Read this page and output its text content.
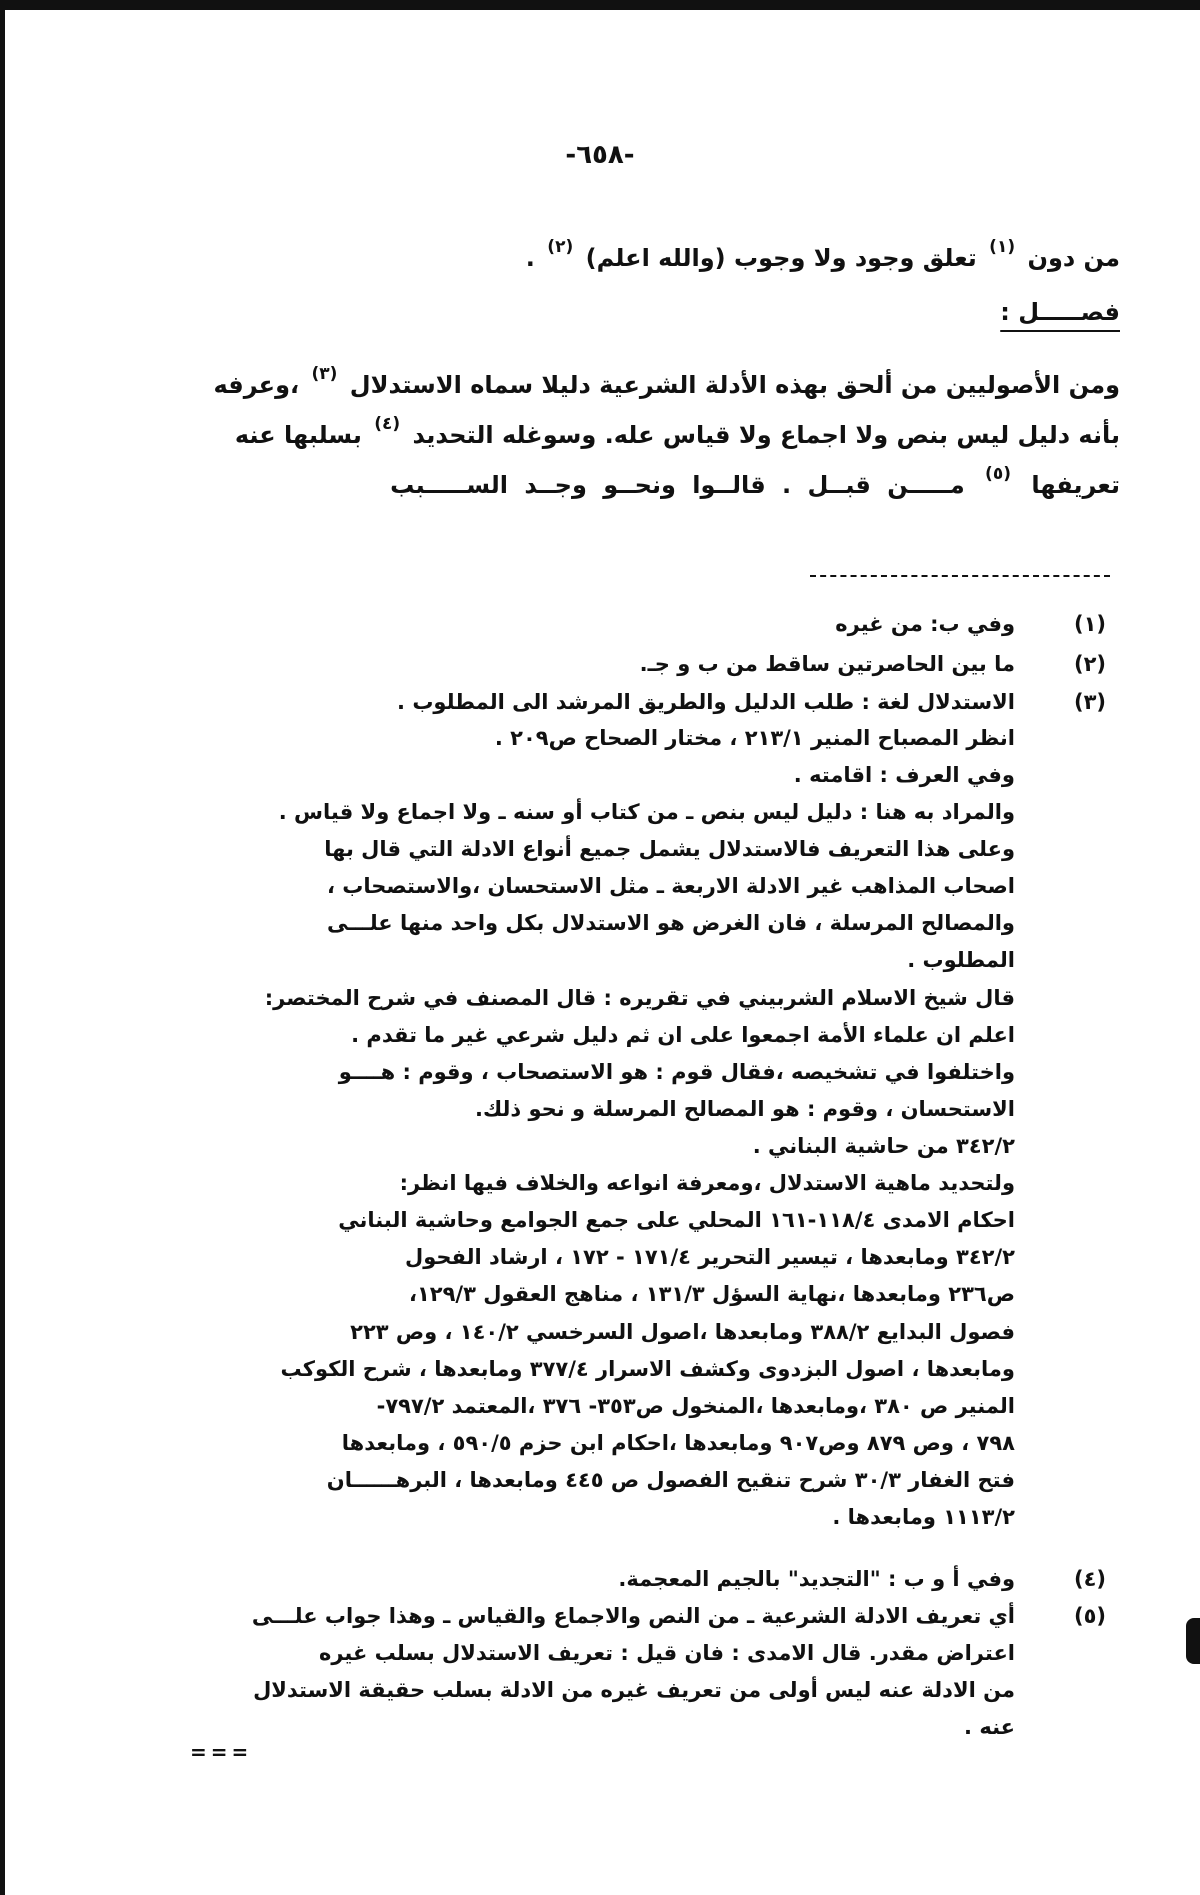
-٦٥٨-
من دون $^{(١)}$ تعلق وجود ولا وجوب (والله اعلم) $^{(٢)}$ .
فصـــــل :
ومن الأصوليين من ألحق بهذه الأدلة الشرعية دليلا سماه الاستدلال $^{(٣)}$ ،وعرفه
بأنه دليل ليس بنص ولا اجماع ولا قياس عله. وسوغله التحديد $^{(٤)}$ بسلبها عنه
تعريفها $^{(٥)}$ مـــــن قبــل . قالــوا ونحــو وجــد الســـــبب
(١)
وفي ب: من غيره
(٢)
ما بين الحاصرتين ساقط من ب و جـ.
(٣)
الاستدلال لغة : طلب الدليل والطريق المرشد الى المطلوب .
انظر المصباح المنير ٢١٣/١ ، مختار الصحاح ص٢٠٩ .
وفي العرف : اقامته .
والمراد به هنا : دليل ليس بنص ـ من كتاب أو سنه ـ ولا اجماع ولا قياس .
وعلى هذا التعريف فالاستدلال يشمل جميع أنواع الادلة التي قال بها
اصحاب المذاهب غير الادلة الاربعة ـ مثل الاستحسان ،والاستصحاب ،
والمصالح المرسلة ، فان الغرض هو الاستدلال بكل واحد منها علـــى
المطلوب .
قال شيخ الاسلام الشربيني في تقريره : قال المصنف في شرح المختصر:
اعلم ان علماء الأمة اجمعوا على ان ثم دليل شرعي غير ما تقدم .
واختلفوا في تشخيصه ،فقال قوم : هو الاستصحاب ، وقوم : هــــو
الاستحسان ، وقوم : هو المصالح المرسلة و نحو ذلك.
٣٤٢/٢ من حاشية البناني .
ولتحديد ماهية الاستدلال ،ومعرفة انواعه والخلاف فيها انظر:
احكام الامدى ١١٨/٤-١٦١ المحلي على جمع الجوامع وحاشية البناني
٣٤٢/٢ ومابعدها ، تيسير التحرير ١٧١/٤ - ١٧٢ ، ارشاد الفحول
ص٢٣٦ ومابعدها ،نهاية السؤل ١٣١/٣ ، مناهج العقول ١٢٩/٣،
فصول البدايع ٣٨٨/٢ ومابعدها ،اصول السرخسي ١٤٠/٢ ، وص ٢٢٣
ومابعدها ، اصول البزدوى وكشف الاسرار ٣٧٧/٤ ومابعدها ، شرح الكوكب
المنير ص ٣٨٠ ،ومابعدها ،المنخول ص٣٥٣- ٣٧٦ ،المعتمد ٧٩٧/٢-
٧٩٨ ، وص ٨٧٩ وص٩٠٧ ومابعدها ،احكام ابن حزم ٥٩٠/٥ ، ومابعدها
فتح الغفار ٣٠/٣ شرح تنقيح الفصول ص ٤٤٥ ومابعدها ، البرهــــــان
١١١٣/٢ ومابعدها .
(٤)
وفي أ و ب : "التجديد" بالجيم المعجمة.
(٥)
أي تعريف الادلة الشرعية ـ من النص والاجماع والقياس ـ وهذا جواب علـــى
اعتراض مقدر. قال الامدى : فان قيل : تعريف الاستدلال بسلب غيره
من الادلة عنه ليس أولى من تعريف غيره من الادلة بسلب حقيقة الاستدلال
عنه .
===
